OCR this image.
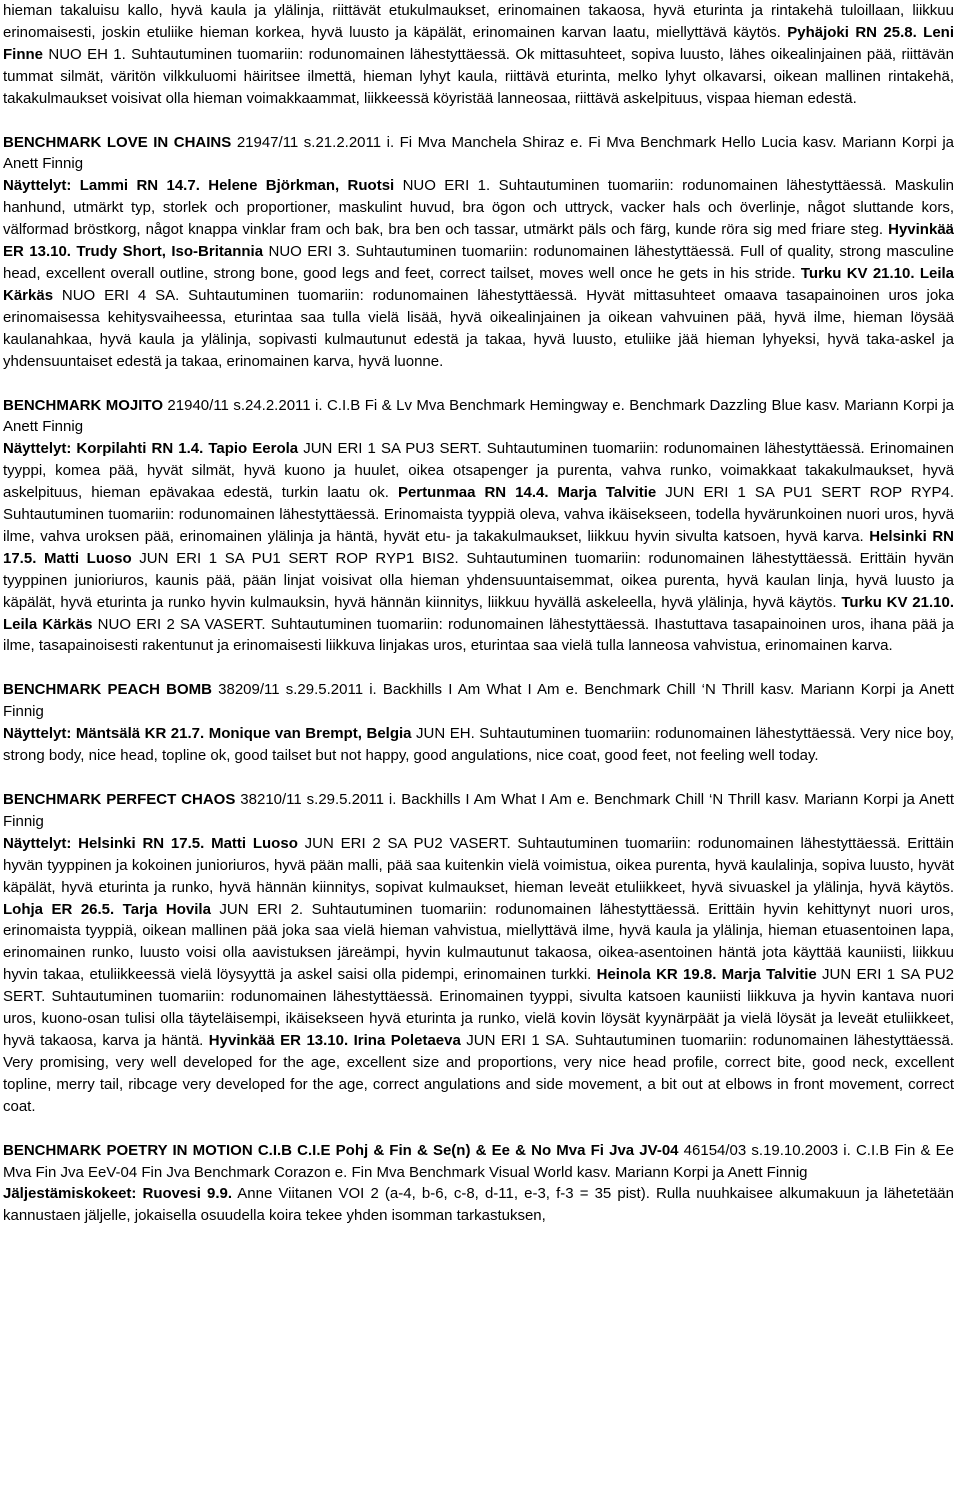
hieman takaluisu kallo, hyvä kaula ja ylälinja, riittävät etukulmaukset, erinomainen takaosa, hyvä eturinta ja rintakehä tuloillaan, liikkuu erinomaisesti, joskin etuliike hieman korkea, hyvä luusto ja käpälät, erinomainen karvan laatu, miellyttävä käytös. Pyhäjoki RN 25.8. Leni Finne NUO EH 1. Suhtautuminen tuomariin: rodunomainen lähestyttäessä. Ok mittasuhteet, sopiva luusto, lähes oikealinjainen pää, riittävän tummat silmät, väritön vilkkuluomi häiritsee ilmettä, hieman lyhyt kaula, riittävä eturinta, melko lyhyt olkavarsi, oikean mallinen rintakehä, takakulmaukset voisivat olla hieman voimakkaammat, liikkeessä köyristää lanneosaa, riittävä askelpituus, vispaa hieman edestä.

BENCHMARK LOVE IN CHAINS 21947/11 s.21.2.2011 i. Fi Mva Manchela Shiraz e. Fi Mva Benchmark Hello Lucia kasv. Mariann Korpi ja Anett Finnig

Näyttelyt: Lammi RN 14.7. Helene Björkman, Ruotsi NUO ERI 1. Suhtautuminen tuomariin: rodunomainen lähestyttäessä. Maskulin hanhund, utmärkt typ, storlek och proportioner, maskulint huvud, bra ögon och uttryck, vacker hals och överlinje, något sluttande kors, välformad bröstkorg, något knappa vinklar fram och bak, bra ben och tassar, utmärkt päls och färg, kunde röra sig med friare steg. Hyvinkää ER 13.10. Trudy Short, Iso-Britannia NUO ERI 3. Suhtautuminen tuomariin: rodunomainen lähestyttäessä. Full of quality, strong masculine head, excellent overall outline, strong bone, good legs and feet, correct tailset, moves well once he gets in his stride. Turku KV 21.10. Leila Kärkäs NUO ERI 4 SA. Suhtautuminen tuomariin: rodunomainen lähestyttäessä. Hyvät mittasuhteet omaava tasapainoinen uros joka erinomaisessa kehitysvaiheessa, eturintaa saa tulla vielä lisää, hyvä oikealinjainen ja oikean vahvuinen pää, hyvä ilme, hieman löysää kaulanahkaa, hyvä kaula ja ylälinja, sopivasti kulmautunut edestä ja takaa, hyvä luusto, etuliike jää hieman lyhyeksi, hyvä taka-askel ja yhdensuuntaiset edestä ja takaa, erinomainen karva, hyvä luonne.

BENCHMARK MOJITO 21940/11 s.24.2.2011 i. C.I.B Fi & Lv Mva Benchmark Hemingway e. Benchmark Dazzling Blue kasv. Mariann Korpi ja Anett Finnig

Näyttelyt: Korpilahti RN 1.4. Tapio Eerola JUN ERI 1 SA PU3 SERT. Suhtautuminen tuomariin: rodunomainen lähestyttäessä. Erinomainen tyyppi, komea pää, hyvät silmät, hyvä kuono ja huulet, oikea otsapenger ja purenta, vahva runko, voimakkaat takakulmaukset, hyvä askelpituus, hieman epävakaa edestä, turkin laatu ok. Pertunmaa RN 14.4. Marja Talvitie JUN ERI 1 SA PU1 SERT ROP RYP4. Suhtautuminen tuomariin: rodunomainen lähestyttäessä. Erinomaista tyyppiä oleva, vahva ikäisekseen, todella hyvärunkoinen nuori uros, hyvä ilme, vahva uroksen pää, erinomainen ylälinja ja häntä, hyvät etu- ja takakulmaukset, liikkuu hyvin sivulta katsoen, hyvä karva. Helsinki RN 17.5. Matti Luoso JUN ERI 1 SA PU1 SERT ROP RYP1 BIS2. Suhtautuminen tuomariin: rodunomainen lähestyttäessä. Erittäin hyvän tyyppinen junioriuros, kaunis pää, pään linjat voisivat olla hieman yhdensuuntaisemmat, oikea purenta, hyvä kaulan linja, hyvä luusto ja käpälät, hyvä eturinta ja runko hyvin kulmauksin, hyvä hännän kiinnitys, liikkuu hyvällä askeleella, hyvä ylälinja, hyvä käytös. Turku KV 21.10. Leila Kärkäs NUO ERI 2 SA VASERT. Suhtautuminen tuomariin: rodunomainen lähestyttäessä. Ihastuttava tasapainoinen uros, ihana pää ja ilme, tasapainoisesti rakentunut ja erinomaisesti liikkuva linjakas uros, eturintaa saa vielä tulla lanneosa vahvistua, erinomainen karva.

BENCHMARK PEACH BOMB 38209/11 s.29.5.2011 i. Backhills I Am What I Am e. Benchmark Chill ‘N Thrill kasv. Mariann Korpi ja Anett Finnig

Näyttelyt: Mäntsälä KR 21.7. Monique van Brempt, Belgia JUN EH. Suhtautuminen tuomariin: rodunomainen lähestyttäessä. Very nice boy, strong body, nice head, topline ok, good tailset but not happy, good angulations, nice coat, good feet, not feeling well today.

BENCHMARK PERFECT CHAOS 38210/11 s.29.5.2011 i. Backhills I Am What I Am e. Benchmark Chill ‘N Thrill kasv. Mariann Korpi ja Anett Finnig

Näyttelyt: Helsinki RN 17.5. Matti Luoso JUN ERI 2 SA PU2 VASERT. Suhtautuminen tuomariin: rodunomainen lähestyttäessä. Erittäin hyvän tyyppinen ja kokoinen junioriuros, hyvä pään malli, pää saa kuitenkin vielä voimistua, oikea purenta, hyvä kaulalinja, sopiva luusto, hyvät käpälät, hyvä eturinta ja runko, hyvä hännän kiinnitys, sopivat kulmaukset, hieman leveät etuliikkeet, hyvä sivuaskel ja ylälinja, hyvä käytös. Lohja ER 26.5. Tarja Hovila JUN ERI 2. Suhtautuminen tuomariin: rodunomainen lähestyttäessä. Erittäin hyvin kehittynyt nuori uros, erinomaista tyyppiä, oikean mallinen pää joka saa vielä hieman vahvistua, miellyttävä ilme, hyvä kaula ja ylälinja, hieman etuasentoinen lapa, erinomainen runko, luusto voisi olla aavistuksen järeämpi, hyvin kulmautunut takaosa, oikea-asentoinen häntä jota käyttää kauniisti, liikkuu hyvin takaa, etuliikkeessä vielä löysyyttä ja askel saisi olla pidempi, erinomainen turkki. Heinola KR 19.8. Marja Talvitie JUN ERI 1 SA PU2 SERT. Suhtautuminen tuomariin: rodunomainen lähestyttäessä. Erinomainen tyyppi, sivulta katsoen kauniisti liikkuva ja hyvin kantava nuori uros, kuono-osan tulisi olla täyteläisempi, ikäisekseen hyvä eturinta ja runko, vielä kovin löysät kyynärpäät ja vielä löysät ja leveät etuliikkeet, hyvä takaosa, karva ja häntä. Hyvinkää ER 13.10. Irina Poletaeva JUN ERI 1 SA. Suhtautuminen tuomariin: rodunomainen lähestyttäessä. Very promising, very well developed for the age, excellent size and proportions, very nice head profile, correct bite, good neck, excellent topline, merry tail, ribcage very developed for the age, correct angulations and side movement, a bit out at elbows in front movement, correct coat.

BENCHMARK POETRY IN MOTION C.I.B C.I.E Pohj & Fin & Se(n) & Ee & No Mva Fi Jva JV-04 46154/03 s.19.10.2003 i. C.I.B Fin & Ee Mva Fin Jva EeV-04 Fin Jva Benchmark Corazon e. Fin Mva Benchmark Visual World kasv. Mariann Korpi ja Anett Finnig

Jäljestämiskokeet: Ruovesi 9.9. Anne Viitanen VOI 2 (a-4, b-6, c-8, d-11, e-3, f-3 = 35 pist). Rulla nuuhkaisee alkumakuun ja lähetetään kannustaen jäljelle, jokaisella osuudella koira tekee yhden isomman tarkastuksen,
